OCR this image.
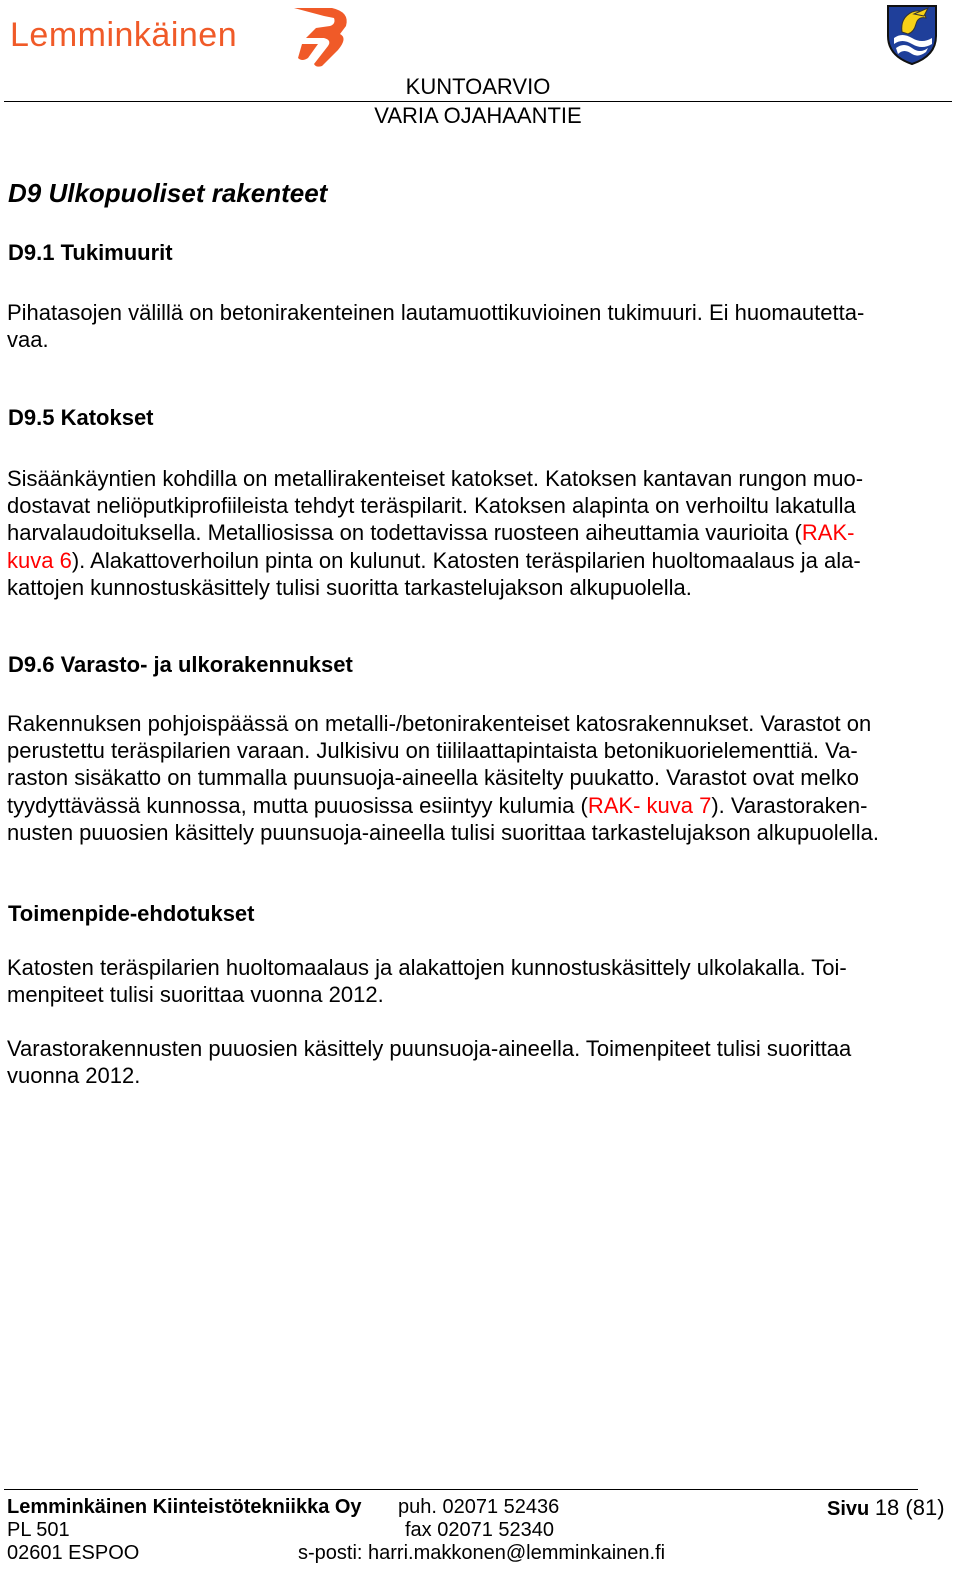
Lemminkäinen
KUNTOARVIO
VARIA OJAHAANTIE
D9 Ulkopuoliset rakenteet
D9.1 Tukimuurit
Pihatasojen välillä on betonirakenteinen lautamuottikuvioinen tukimuuri. Ei huomautetta-
vaa.
D9.5 Katokset
Sisäänkäyntien kohdilla on metallirakenteiset katokset. Katoksen kantavan rungon muo-
dostavat neliöputkiprofiileista tehdyt teräspilarit. Katoksen alapinta on verhoiltu lakatulla
harvalaudoituksella. Metalliosissa on todettavissa ruosteen aiheuttamia vaurioita (RAK-
kuva 6). Alakattoverhoilun pinta on kulunut. Katosten teräspilarien huoltomaalaus ja ala-
kattojen kunnostuskäsittely tulisi suoritta tarkastelujakson alkupuolella.
D9.6 Varasto- ja ulkorakennukset
Rakennuksen pohjoispäässä on metalli-/betonirakenteiset katosrakennukset. Varastot on
perustettu teräspilarien varaan. Julkisivu on tiililaattapintaista betonikuorielementtiä. Va-
raston sisäkatto on tummalla puunsuoja-aineella käsitelty puukatto. Varastot ovat melko
tyydyttävässä kunnossa, mutta puuosissa esiintyy kulumia (RAK- kuva 7). Varastoraken-
nusten puuosien käsittely puunsuoja-aineella tulisi suorittaa tarkastelujakson alkupuolella.
Toimenpide-ehdotukset
Katosten teräspilarien huoltomaalaus ja alakattojen kunnostuskäsittely ulkolakalla. Toi-
menpiteet tulisi suorittaa vuonna 2012.
Varastorakennusten puuosien käsittely puunsuoja-aineella. Toimenpiteet tulisi suorittaa
vuonna 2012.
Lemminkäinen Kiinteistötekniikka Oy
PL 501
02601 ESPOO
puh. 02071 52436
fax 02071 52340
s-posti: harri.makkonen@lemminkainen.fi
Sivu 18 (81)
